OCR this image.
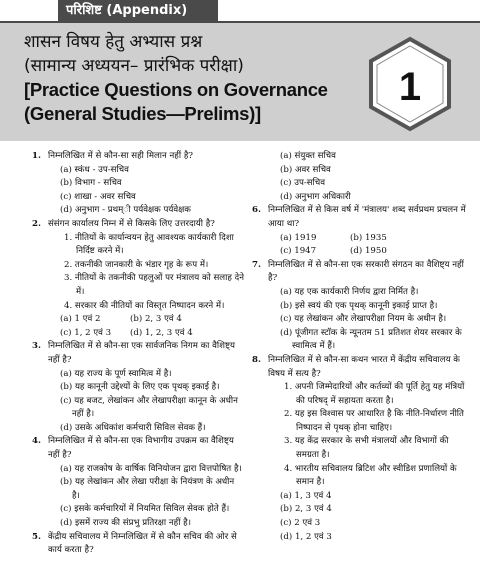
परिशिष्ट (Appendix)
शासन विषय हेतु अभ्यास प्रश्न
(सामान्य अध्ययन– प्रारंभिक परीक्षा)
[Practice Questions on Governance
(General Studies—Prelims)]
1
1. निम्नलिखित में से कौन-सा सही मिलान नहीं है?
(a) स्कंध - उप-सचिव
(b) विभाग - सचिव
(c) शाखा - अवर सचिव
(d) अनुभाग - प्रथम्‌ी पर्यवेक्षक पर्यवेक्षक
2. संसंगन कार्यालय निम्न में से किसके लिए उत्तरदायी है?
1. नीतियों के कार्यान्वयन हेतु आवश्यक कार्यकारी दिशा निर्दिष्ट करने में।
2. तकनीकी जानकारी के भंडार गृह के रूप में।
3. नीतियों के तकनीकी पहलुओं पर मंत्रालय को सलाह देने में।
4. सरकार की नीतियों का विस्तृत निष्पादन करने में।
(a) 1 एवं 2	(b) 2, 3 एवं 4
(c) 1, 2 एवं 3	(d) 1, 2, 3 एवं 4
3. निम्नलिखित में से कौन-सा एक सार्वजनिक निगम का वैशिष्ट्य नहीं है?
(a) यह राज्य के पूर्ण स्वामित्व में है।
(b) यह कानूनी उद्देश्यों के लिए एक पृथक् इकाई है।
(c) यह बजट, लेखांकन और लेखापरीक्षा कानून के अधीन नहीं है।
(d) उसके अधिकांश कर्मचारी सिविल सेवक हैं।
4. निम्नलिखित में से कौन-सा एक विभागीय उपक्रम का वैशिष्ट्य नहीं है?
(a) यह राजकोष के वार्षिक विनियोजन द्वारा वित्तपोषित है।
(b) यह लेखांकन और लेखा परीक्षा के नियंत्रण के अधीन है।
(c) इसके कर्मचारियों में नियमित सिविल सेवक होते हैं।
(d) इसमें राज्य की संप्रभु प्रतिरक्षा नहीं है।
5. केंद्रीय सचिवालय में निम्नलिखित में से कौन सचिव की ओर से कार्य करता है?
(a) संयुक्त सचिव
(b) अवर सचिव
(c) उप-सचिव
(d) अनुभाग अधिकारी
6. निम्नलिखित में से किस वर्ष में 'मंत्रालय' शब्द सर्वप्रथम प्रचलन में आया था?
(a) 1919	(b) 1935
(c) 1947	(d) 1950
7. निम्नलिखित में से कौन-सा एक सरकारी संगठन का वैशिष्ट्य नहीं है?
(a) यह एक कार्यकारी निर्णय द्वारा निर्मित है।
(b) इसे स्वयं की एक पृथक् कानूनी इकाई प्राप्त है।
(c) यह लेखांकन और लेखापरीक्षा नियम के अधीन है।
(d) पूंजीगत स्टॉक के न्यूनतम 51 प्रतिशत शेयर सरकार के स्वामित्व में हैं।
8. निम्नलिखित में से कौन-सा कथन भारत में केंद्रीय सचिवालय के विषय में सत्य है?
1. अपनी जिम्मेदारियों और कर्तव्यों की पूर्ति हेतु यह मंत्रियों की परिषद् में सहायता करता है।
2. यह इस विश्वास पर आधारित है कि नीति-निर्धारण नीति निष्पादन से पृथक् होना चाहिए।
3. यह केंद्र सरकार के सभी मंत्रालयों और विभागों की समग्रता है।
4. भारतीय सचिवालय ब्रिटिश और स्वीडिश प्रणालियों के समान है।
(a) 1, 3 एवं 4
(b) 2, 3 एवं 4
(c) 2 एवं 3
(d) 1, 2 एवं 3
